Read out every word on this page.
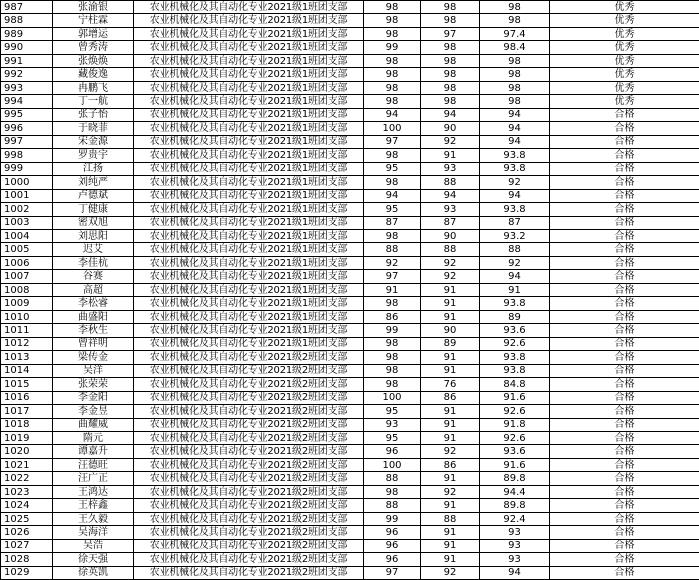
987	张渝银	农业机械化及其自动化专业2021级1班团支部	98	98	98	优秀
988	宁柱霖	农业机械化及其自动化专业2021级1班团支部	98	98	98	优秀
989	郭增运	农业机械化及其自动化专业2021级1班团支部	98	97	97.4	优秀
990	曾秀涛	农业机械化及其自动化专业2021级1班团支部	99	98	98.4	优秀
991	张焕焕	农业机械化及其自动化专业2021级1班团支部	98	98	98	优秀
992	藏俊逸	农业机械化及其自动化专业2021级1班团支部	98	98	98	优秀
993	冉鹏飞	农业机械化及其自动化专业2021级1班团支部	98	98	98	优秀
994	丁一航	农业机械化及其自动化专业2021级1班团支部	98	98	98	优秀
995	张子怡	农业机械化及其自动化专业2021级1班团支部	94	94	94	合格
996	于晓菲	农业机械化及其自动化专业2021级1班团支部	100	90	94	合格
997	宋金源	农业机械化及其自动化专业2021级1班团支部	97	92	94	合格
998	罗贵宇	农业机械化及其自动化专业2021级1班团支部	98	91	93.8	合格
999	江扬	农业机械化及其自动化专业2021级1班团支部	95	93	93.8	合格
1000	刘纯严	农业机械化及其自动化专业2021级1班团支部	98	88	92	合格
1001	卢德斌	农业机械化及其自动化专业2021级1班团支部	94	94	94	合格
1002	丁健康	农业机械化及其自动化专业2021级1班团支部	95	93	93.8	合格
1003	密双旭	农业机械化及其自动化专业2021级1班团支部	87	87	87	合格
1004	刘思阳	农业机械化及其自动化专业2021级1班团支部	98	90	93.2	合格
1005	迟艾	农业机械化及其自动化专业2021级1班团支部	88	88	88	合格
1006	李佳杭	农业机械化及其自动化专业2021级1班团支部	92	92	92	合格
1007	谷赛	农业机械化及其自动化专业2021级1班团支部	97	92	94	合格
1008	高超	农业机械化及其自动化专业2021级1班团支部	91	91	91	合格
1009	李松睿	农业机械化及其自动化专业2021级1班团支部	98	91	93.8	合格
1010	曲盛阳	农业机械化及其自动化专业2021级1班团支部	86	91	89	合格
1011	李秋生	农业机械化及其自动化专业2021级1班团支部	99	90	93.6	合格
1012	曾祥明	农业机械化及其自动化专业2021级1班团支部	98	89	92.6	合格
1013	梁传金	农业机械化及其自动化专业2021级2班团支部	98	91	93.8	合格
1014	吴洋	农业机械化及其自动化专业2021级2班团支部	98	91	93.8	合格
1015	张荣荣	农业机械化及其自动化专业2021级2班团支部	98	76	84.8	合格
1016	李金阳	农业机械化及其自动化专业2021级2班团支部	100	86	91.6	合格
1017	李金昱	农业机械化及其自动化专业2021级2班团支部	95	91	92.6	合格
1018	曲耀威	农业机械化及其自动化专业2021级2班团支部	93	91	91.8	合格
1019	隋元	农业机械化及其自动化专业2021级2班团支部	95	91	92.6	合格
1020	谭嘉升	农业机械化及其自动化专业2021级2班团支部	96	92	93.6	合格
1021	汪德旺	农业机械化及其自动化专业2021级2班团支部	100	86	91.6	合格
1022	汪广正	农业机械化及其自动化专业2021级2班团支部	88	91	89.8	合格
1023	王鸿达	农业机械化及其自动化专业2021级2班团支部	98	92	94.4	合格
1024	王梓鑫	农业机械化及其自动化专业2021级2班团支部	88	91	89.8	合格
1025	王久毅	农业机械化及其自动化专业2021级2班团支部	99	88	92.4	合格
1026	吴海洋	农业机械化及其自动化专业2021级2班团支部	96	91	93	合格
1027	吴浩	农业机械化及其自动化专业2021级2班团支部	96	91	93	合格
1028	徐天强	农业机械化及其自动化专业2021级2班团支部	96	91	93	合格
1029	徐英凯	农业机械化及其自动化专业2021级2班团支部	97	92	94	合格
